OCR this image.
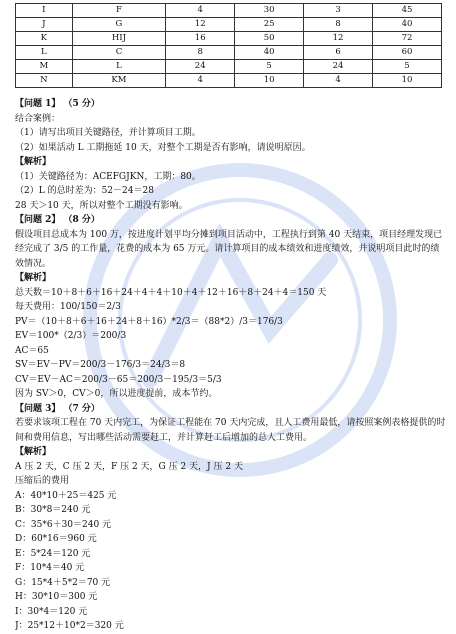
I	F	4	30	3	45
J	G	12	25	8	40
K	HIJ	16	50	12	72
L	C	8	40	6	60
M	L	24	5	24	5
N	KM	4	10	4	10
【问题 1】 （5 分）
结合案例：
（1）请写出项目关键路径，并计算项目工期。
（2）如果活动 L 工期拖延 10 天，对整个工期是否有影响，请说明原因。
【解析】
（1）关键路径为：ACEFGJKN，工期：80。
（2）L 的总时差为：52－24＝28
28 天＞10 天，所以对整个工期没有影响。
【问题 2】 （8 分）
假设项目总成本为 100 万，按进度计划平均分摊到项目活动中，工程执行到第 40 天结束，项目经理发现已经完成了 3/5 的工作量，花费的成本为 65 万元。请计算项目的成本绩效和进度绩效，并说明项目此时的绩效情况。
【解析】
总天数＝10＋8＋6＋16＋24＋4＋4＋10＋4＋12＋16＋8＋24＋4＝150 天
每天费用：100/150＝2/3
PV＝（10＋8＋6＋16＋24＋8＋16）*2/3＝（88*2）/3＝176/3
EV＝100*（2/3）＝200/3
AC＝65
SV＝EV－PV＝200/3－176/3＝24/3＝8
CV＝EV－AC＝200/3－65＝200/3－195/3＝5/3
因为 SV＞0，CV＞0，所以进度提前，成本节约。
【问题 3】 （7 分）
若要求该项工程在 70 天内完工，为保证工程能在 70 天内完成，且人工费用最低，请按照案例表格提供的时间和费用信息，写出哪些活动需要赶工，并计算赶工后增加的总人工费用。
【解析】
A 压 2 天，C 压 2 天，F 压 2 天，G 压 2 天，J 压 2 天
压缩后的费用
A：40*10＋25＝425 元
B：30*8＝240 元
C：35*6＋30＝240 元
D：60*16＝960 元
E：5*24＝120 元
F：10*4＝40 元
G：15*4＋5*2＝70 元
H：30*10＝300 元
I：30*4＝120 元
J：25*12＋10*2＝320 元
